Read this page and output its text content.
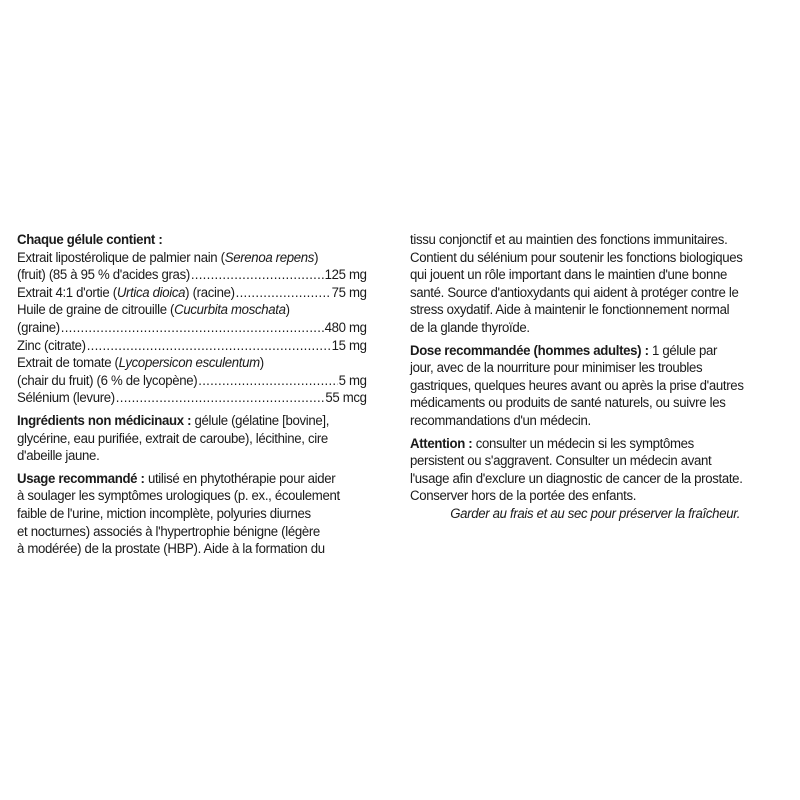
Chaque gélule contient :
Extrait lipostérolique de palmier nain (Serenoa repens)
(fruit) (85 à 95 % d'acides gras) .....	125 mg
Extrait 4:1 d'ortie (Urtica dioica) (racine) .....	75 mg
Huile de graine de citrouille (Cucurbita moschata)
(graine) .....	480 mg
Zinc (citrate) .....	15 mg
Extrait de tomate (Lycopersicon esculentum)
(chair du fruit) (6 % de lycopène) .....	5 mg
Sélénium (levure) .....	55 mcg
Ingrédients non médicinaux : gélule (gélatine [bovine],
glycérine, eau purifiée, extrait de caroube), lécithine, cire
d'abeille jaune.
Usage recommandé : utilisé en phytothérapie pour aider
à soulager les symptômes urologiques (p. ex., écoulement
faible de l'urine, miction incomplète, polyuries diurnes
et nocturnes) associés à l'hypertrophie bénigne (légère
à modérée) de la prostate (HBP). Aide à la formation du
tissu conjonctif et au maintien des fonctions immunitaires.
Contient du sélénium pour soutenir les fonctions biologiques
qui jouent un rôle important dans le maintien d'une bonne
santé. Source d'antioxydants qui aident à protéger contre le
stress oxydatif. Aide à maintenir le fonctionnement normal
de la glande thyroïde.
Dose recommandée (hommes adultes) : 1 gélule par
jour, avec de la nourriture pour minimiser les troubles
gastriques, quelques heures avant ou après la prise d'autres
médicaments ou produits de santé naturels, ou suivre les
recommandations d'un médecin.
Attention : consulter un médecin si les symptômes
persistent ou s'aggravent. Consulter un médecin avant
l'usage afin d'exclure un diagnostic de cancer de la prostate.
Conserver hors de la portée des enfants.
Garder au frais et au sec pour préserver la fraîcheur.
